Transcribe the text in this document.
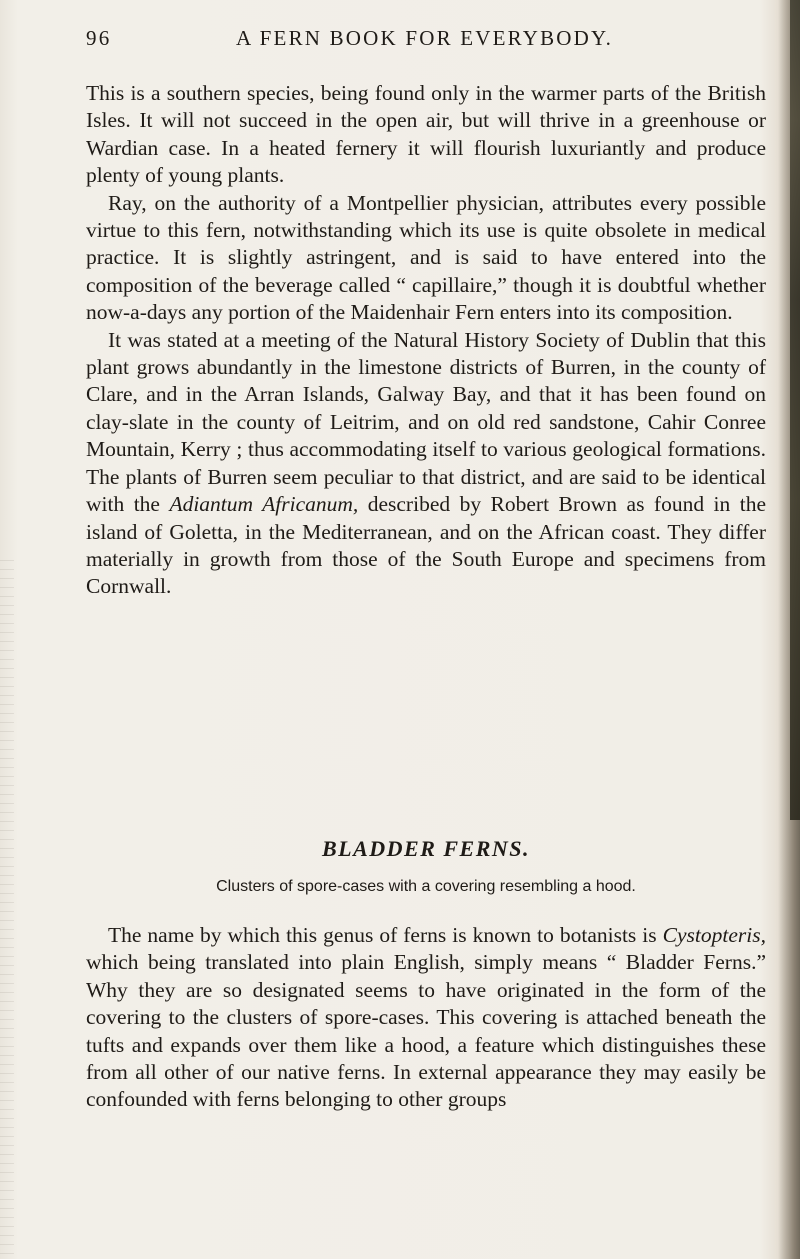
96	A FERN BOOK FOR EVERYBODY.

This is a southern species, being found only in the warmer parts of the British Isles. It will not succeed in the open air, but will thrive in a greenhouse or Wardian case. In a heated fernery it will flourish luxuriantly and produce plenty of young plants.

Ray, on the authority of a Montpellier physician, attributes every possible virtue to this fern, notwithstanding which its use is quite obsolete in medical practice. It is slightly astringent, and is said to have entered into the composition of the beverage called “ capillaire,” though it is doubtful whether now-a-days any portion of the Maidenhair Fern enters into its composition.

It was stated at a meeting of the Natural History Society of Dublin that this plant grows abundantly in the limestone districts of Burren, in the county of Clare, and in the Arran Islands, Galway Bay, and that it has been found on clay-slate in the county of Leitrim, and on old red sandstone, Cahir Conree Mountain, Kerry ; thus accommodating itself to various geological formations. The plants of Burren seem peculiar to that district, and are said to be identical with the Adiantum Africanum, described by Robert Brown as found in the island of Goletta, in the Mediterranean, and on the African coast. They differ materially in growth from those of the South Europe and specimens from Cornwall.

BLADDER FERNS.
Clusters of spore-cases with a covering resembling a hood.

The name by which this genus of ferns is known to botanists is Cystopteris, which being translated into plain English, simply means “ Bladder Ferns.” Why they are so designated seems to have originated in the form of the covering to the clusters of spore-cases. This covering is attached beneath the tufts and expands over them like a hood, a feature which distinguishes these from all other of our native ferns. In external appearance they may easily be confounded with ferns belonging to other groups
